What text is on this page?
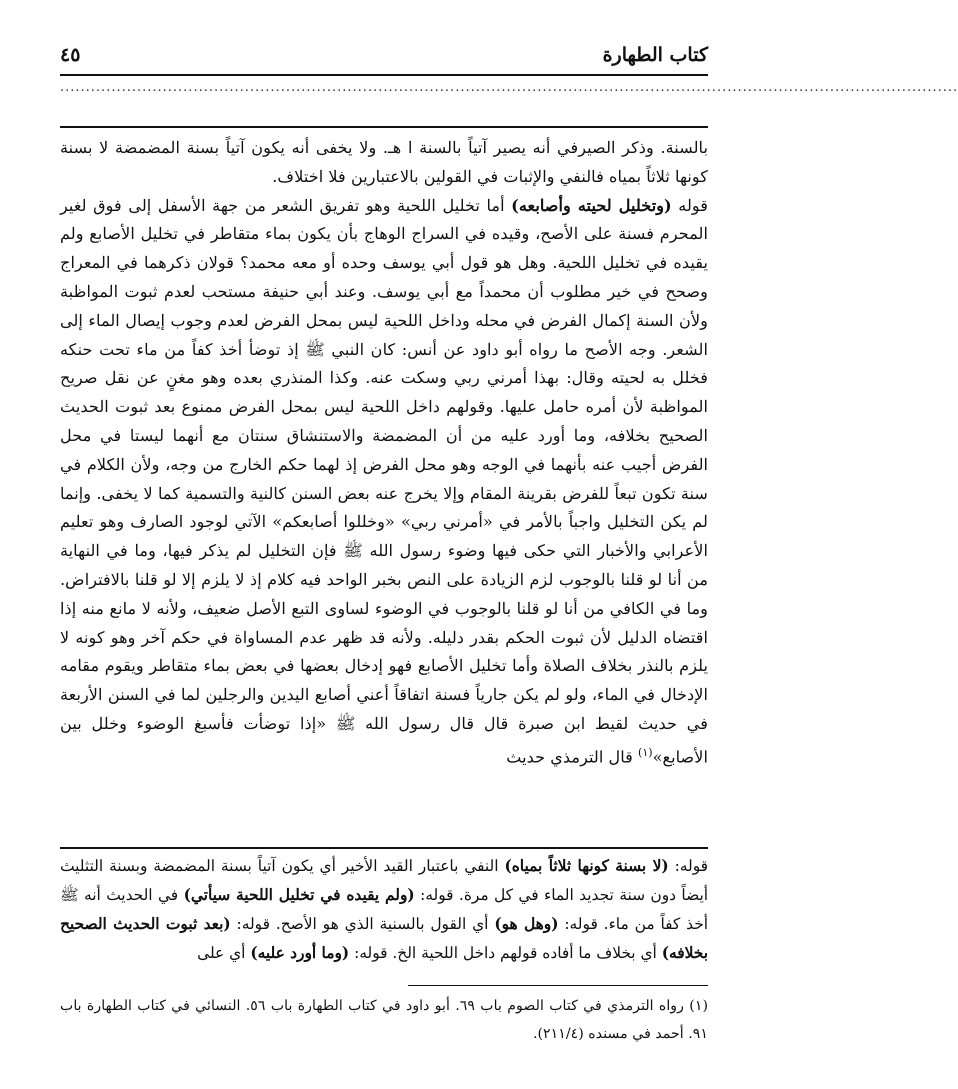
كتاب الطهارة
٤٥
...............................................................................................................................................................................

بالسنة. وذكر الصيرفي أنه يصير آتياً بالسنة ا هـ. ولا يخفى أنه يكون آتياً بسنة المضمضة لا بسنة كونها ثلاثاً بمياه فالنفي والإثبات في القولين بالاعتبارين فلا اختلاف.

قوله (وتخليل لحيته وأصابعه) أما تخليل اللحية وهو تفريق الشعر من جهة الأسفل إلى فوق لغير المحرم فسنة على الأصح، وقيده في السراج الوهاج بأن يكون بماء متقاطر في تخليل الأصابع ولم يقيده في تخليل اللحية. وهل هو قول أبي يوسف وحده أو معه محمد؟ قولان ذكرهما في المعراج وصحح في خير مطلوب أن محمداً مع أبي يوسف. وعند أبي حنيفة مستحب لعدم ثبوت المواظبة ولأن السنة إكمال الفرض في محله وداخل اللحية ليس بمحل الفرض لعدم وجوب إيصال الماء إلى الشعر. وجه الأصح ما رواه أبو داود عن أنس: كان النبي ﷺ إذ توضأ أخذ كفاً من ماء تحت حنكه فخلل به لحيته وقال: بهذا أمرني ربي وسكت عنه. وكذا المنذري بعده وهو مغنٍ عن نقل صريح المواظبة لأن أمره حامل عليها. وقولهم داخل اللحية ليس بمحل الفرض ممنوع بعد ثبوت الحديث الصحيح بخلافه، وما أورد عليه من أن المضمضة والاستنشاق سنتان مع أنهما ليستا في محل الفرض أجيب عنه بأنهما في الوجه وهو محل الفرض إذ لهما حكم الخارج من وجه، ولأن الكلام في سنة تكون تبعاً للفرض بقرينة المقام وإلا يخرج عنه بعض السنن كالنية والتسمية كما لا يخفى. وإنما لم يكن التخليل واجباً بالأمر في «أمرني ربي» «وخللوا أصابعكم» الآتي لوجود الصارف وهو تعليم الأعرابي والأخبار التي حكى فيها وضوء رسول الله ﷺ فإن التخليل لم يذكر فيها، وما في النهاية من أنا لو قلنا بالوجوب لزم الزيادة على النص بخبر الواحد فيه كلام إذ لا يلزم إلا لو قلنا بالافتراض. وما في الكافي من أنا لو قلنا بالوجوب في الوضوء لساوى التبع الأصل ضعيف، ولأنه لا مانع منه إذا اقتضاه الدليل لأن ثبوت الحكم بقدر دليله. ولأنه قد ظهر عدم المساواة في حكم آخر وهو كونه لا يلزم بالنذر بخلاف الصلاة وأما تخليل الأصابع فهو إدخال بعضها في بعض بماء متقاطر ويقوم مقامه الإدخال في الماء، ولو لم يكن جارياً فسنة اتفاقاً أعني أصابع اليدين والرجلين لما في السنن الأربعة في حديث لقيط ابن صبرة قال قال رسول الله ﷺ «إذا توضأت فأسبغ الوضوء وخلل بين الأصابع»$^{(١)}$ قال الترمذي حديث

قوله: (لا بسنة كونها ثلاثاً بمياه) النفي باعتبار القيد الأخير أي يكون آتياً بسنة المضمضة وبسنة التثليث أيضاً دون سنة تجديد الماء في كل مرة. قوله: (ولم يقيده في تخليل اللحية سيأتي) في الحديث أنه ﷺ أخذ كفاً من ماء. قوله: (وهل هو) أي القول بالسنية الذي هو الأصح. قوله: (بعد ثبوت الحديث الصحيح بخلافه) أي بخلاف ما أفاده قولهم داخل اللحية الخ. قوله: (وما أورد عليه) أي على
(١) رواه الترمذي في كتاب الصوم باب ٦٩. أبو داود في كتاب الطهارة باب ٥٦. النسائي في كتاب الطهارة باب ٩١. أحمد في مسنده (٢١١/٤).
